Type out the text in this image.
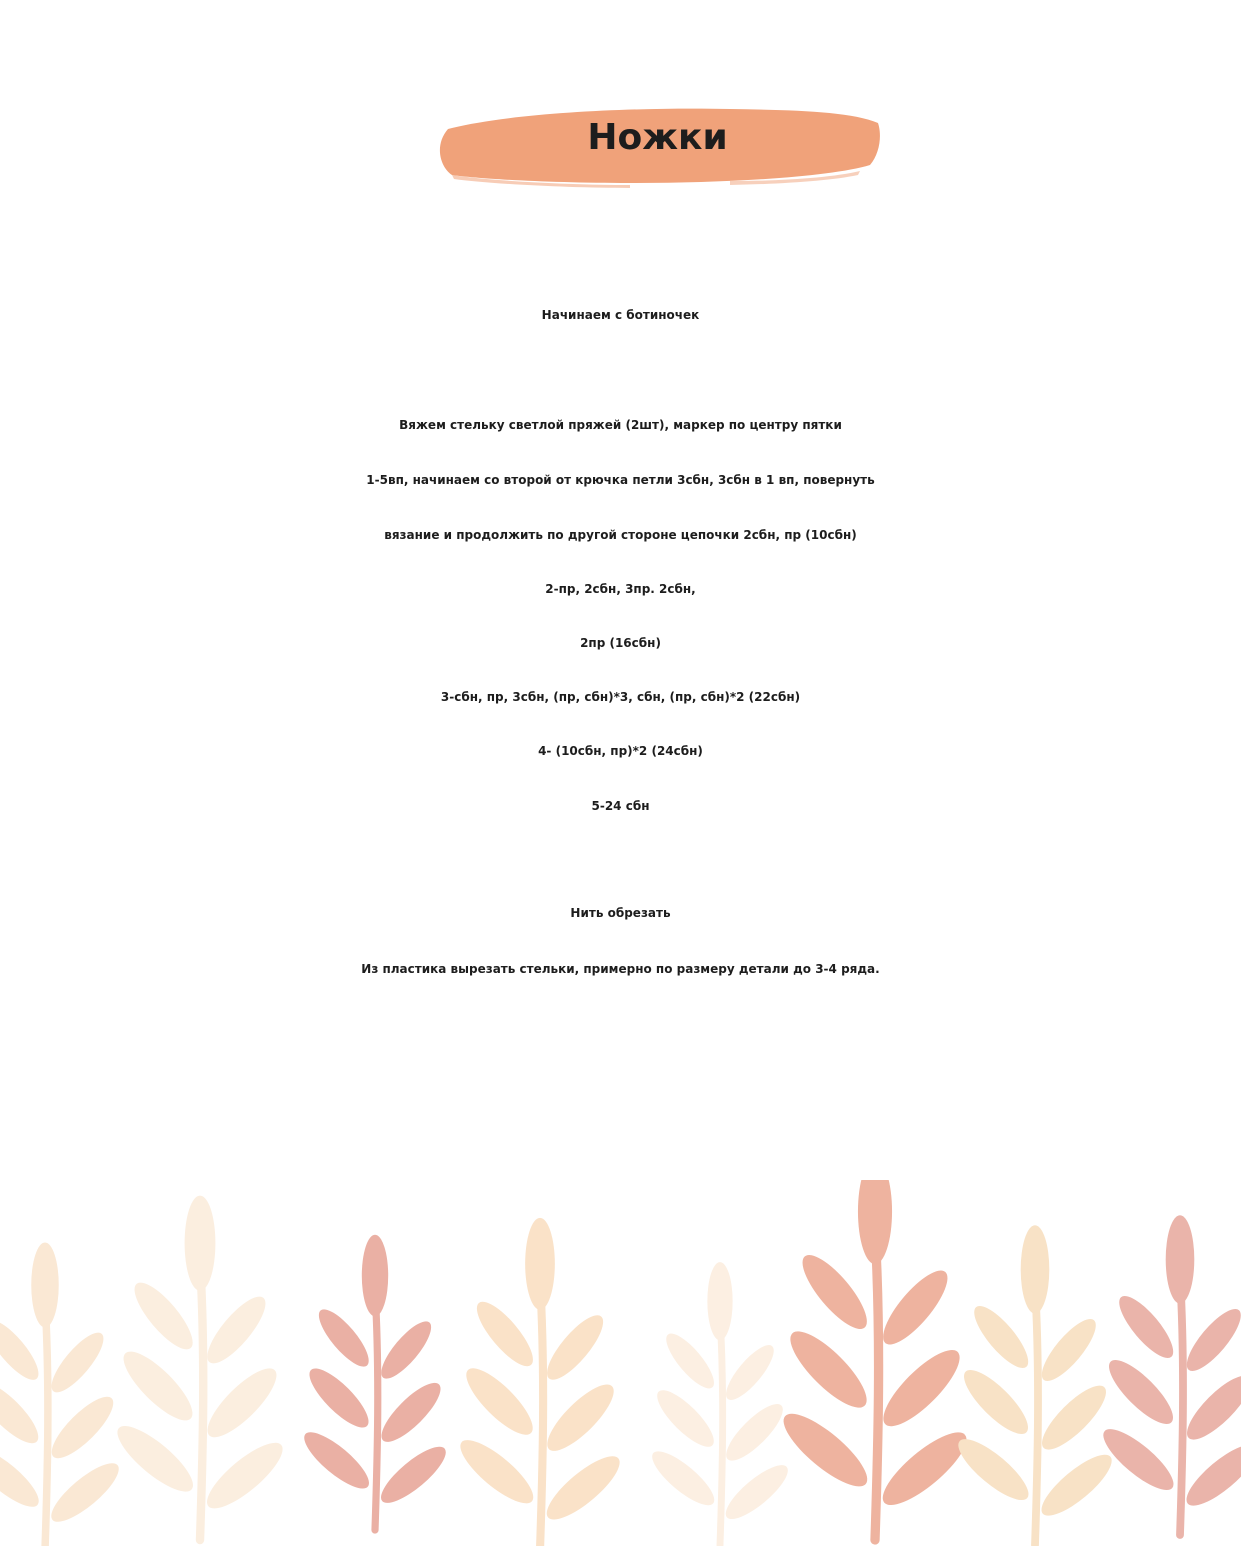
Ножки
Начинаем с ботиночек
Вяжем стельку светлой пряжей (2шт), маркер по центру пятки
1-5вп, начинаем со второй от крючка петли 3сбн, 3сбн в 1 вп, повернуть
вязание и продолжить по другой стороне цепочки 2сбн, пр (10сбн)
2-пр, 2сбн, 3пр. 2сбн,
2пр (16сбн)
3-сбн, пр, 3сбн, (пр, сбн)*3, сбн, (пр, сбн)*2 (22сбн)
4- (10сбн, пр)*2 (24сбн)
5-24 сбн
Нить обрезать
Из пластика вырезать стельки, примерно по размеру детали до 3-4 ряда.
